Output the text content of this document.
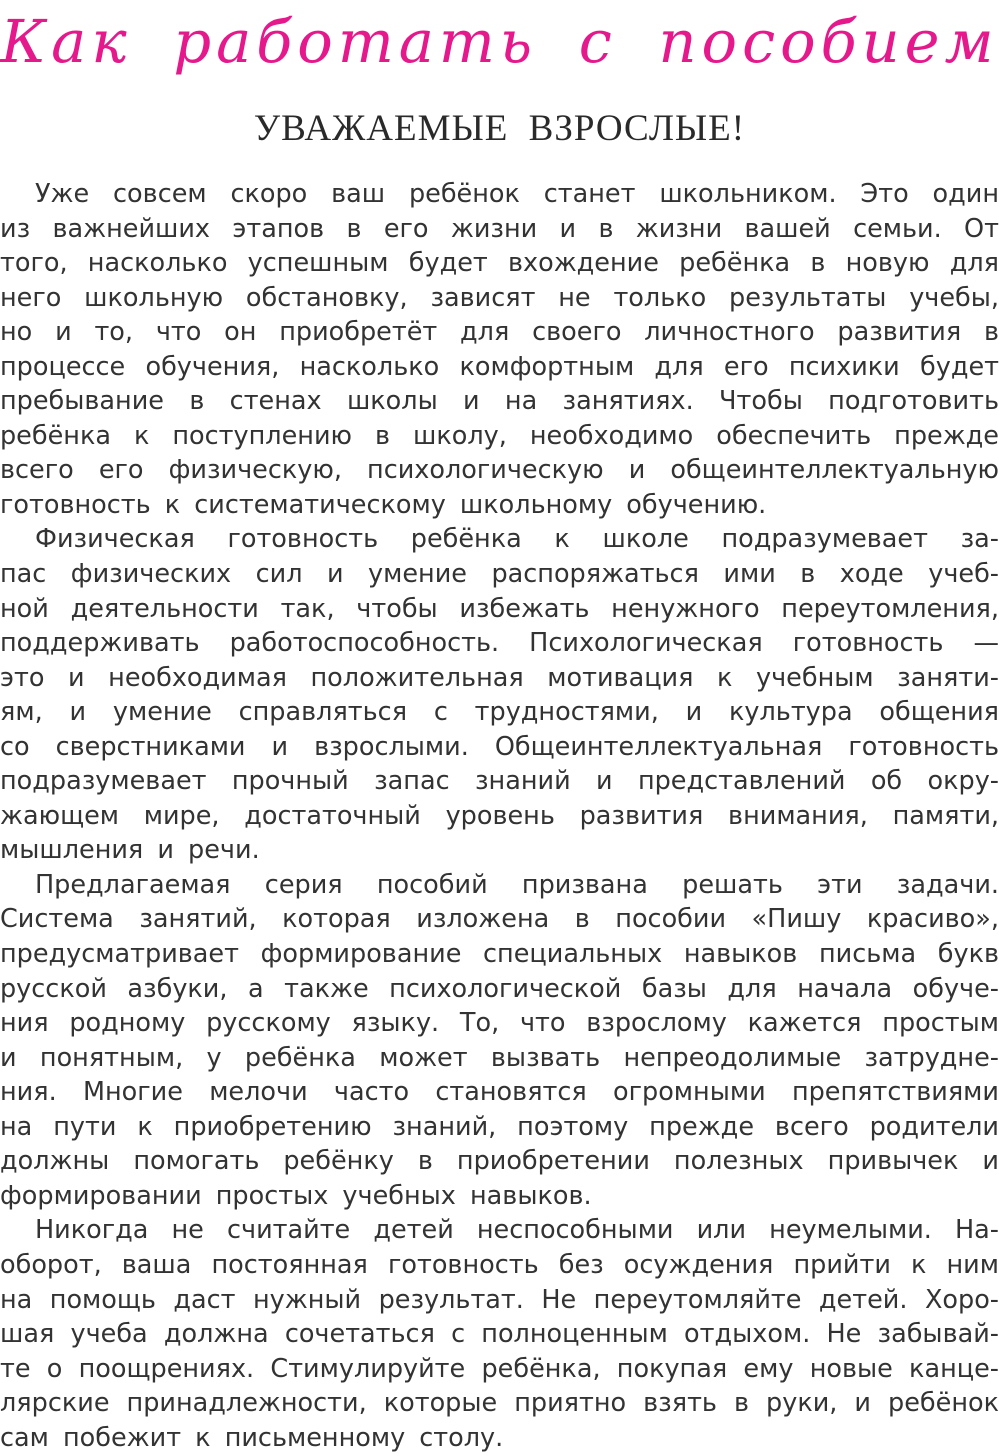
Как работать с пособием
УВАЖАЕМЫЕ ВЗРОСЛЫЕ!
Уже совсем скоро ваш ребёнок станет школьником. Это один
из важнейших этапов в его жизни и в жизни вашей семьи. От
того, насколько успешным будет вхождение ребёнка в новую для
него школьную обстановку, зависят не только результаты учебы,
но и то, что он приобретёт для своего личностного развития в
процессе обучения, насколько комфортным для его психики будет
пребывание в стенах школы и на занятиях. Чтобы подготовить
ребёнка к поступлению в школу, необходимо обеспечить прежде
всего его физическую, психологическую и общеинтеллектуальную
готовность к систематическому школьному обучению.
Физическая готовность ребёнка к школе подразумевает за-
пас физических сил и умение распоряжаться ими в ходе учеб-
ной деятельности так, чтобы избежать ненужного переутомления,
поддерживать работоспособность. Психологическая готовность —
это и необходимая положительная мотивация к учебным заняти-
ям, и умение справляться с трудностями, и культура общения
со сверстниками и взрослыми. Общеинтеллектуальная готовность
подразумевает прочный запас знаний и представлений об окру-
жающем мире, достаточный уровень развития внимания, памяти,
мышления и речи.
Предлагаемая серия пособий призвана решать эти задачи.
Система занятий, которая изложена в пособии «Пишу красиво»,
предусматривает формирование специальных навыков письма букв
русской азбуки, а также психологической базы для начала обуче-
ния родному русскому языку. То, что взрослому кажется простым
и понятным, у ребёнка может вызвать непреодолимые затрудне-
ния. Многие мелочи часто становятся огромными препятствиями
на пути к приобретению знаний, поэтому прежде всего родители
должны помогать ребёнку в приобретении полезных привычек и
формировании простых учебных навыков.
Никогда не считайте детей неспособными или неумелыми. На-
оборот, ваша постоянная готовность без осуждения прийти к ним
на помощь даст нужный результат. Не переутомляйте детей. Хоро-
шая учеба должна сочетаться с полноценным отдыхом. Не забывай-
те о поощрениях. Стимулируйте ребёнка, покупая ему новые канце-
лярские принадлежности, которые приятно взять в руки, и ребёнок
сам побежит к письменному столу.
